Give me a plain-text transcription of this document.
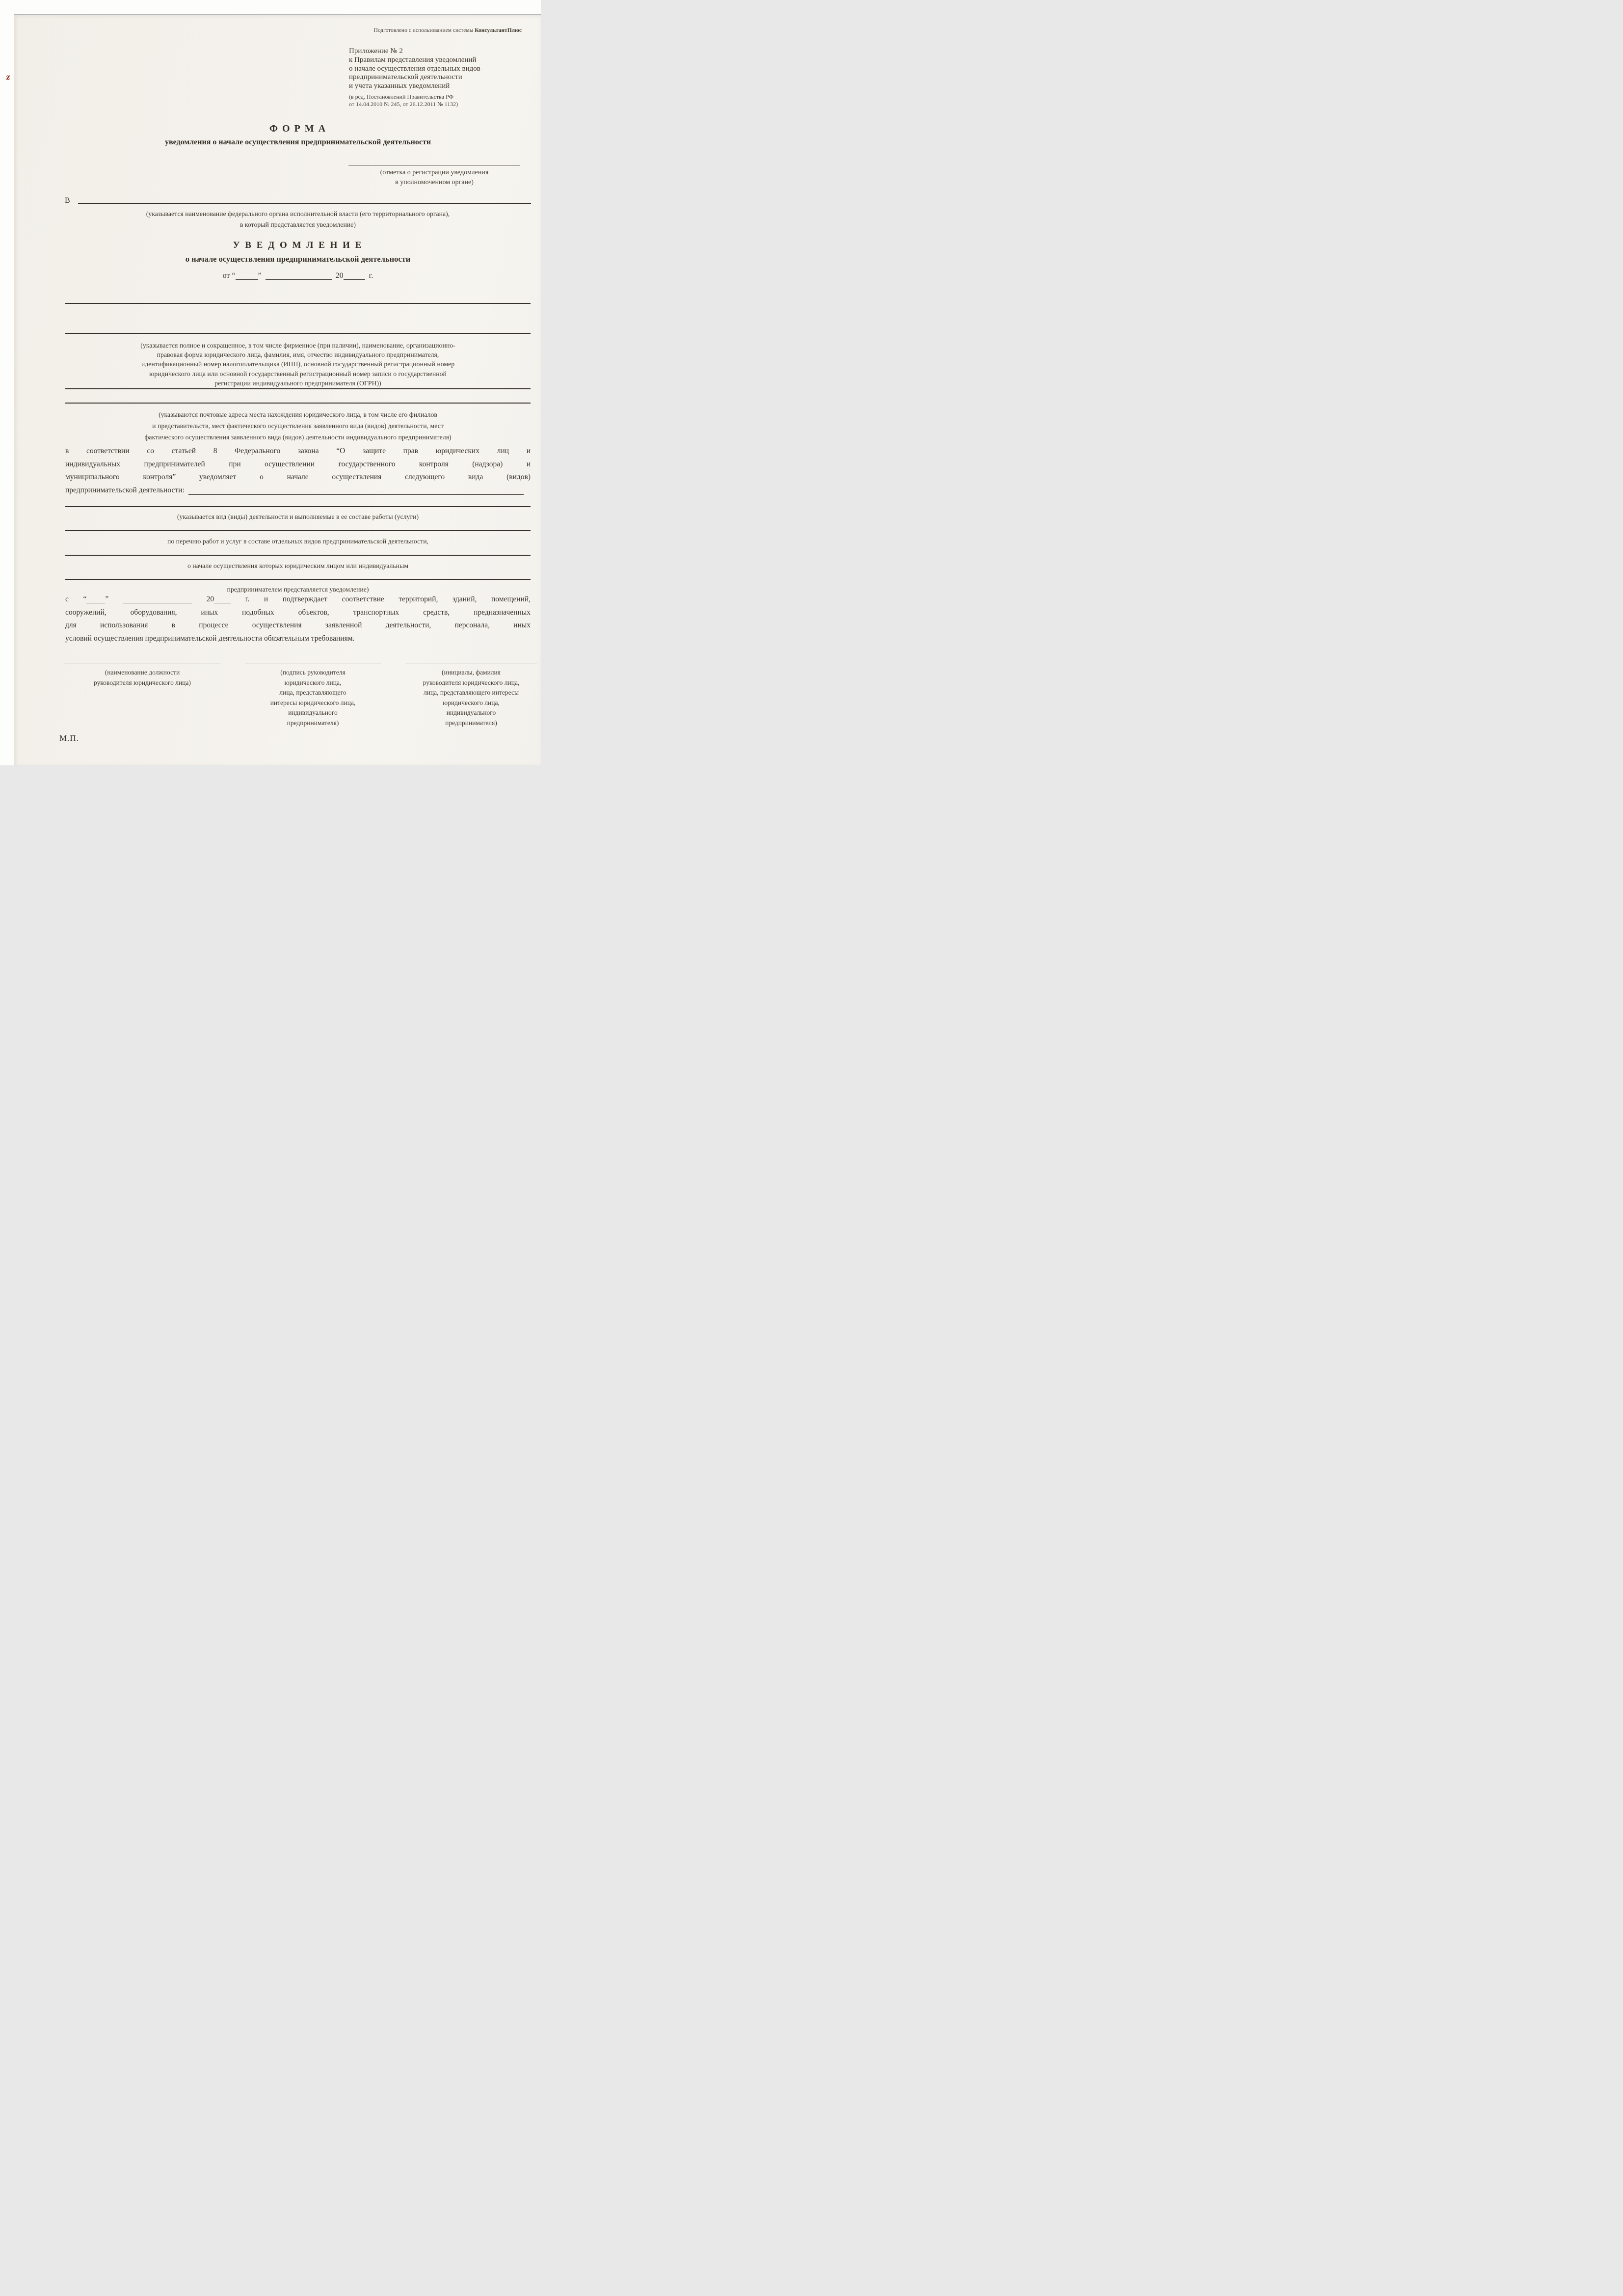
z
Подготовлено с использованием системы КонсультантПлюс
Приложение № 2
к Правилам представления уведомлений
о начале осуществления отдельных видов
предпринимательской деятельности
и учета указанных уведомлений
(в ред. Постановлений Правительства РФ
от 14.04.2010 № 245, от 26.12.2011 № 1132)
Ф О Р М А
уведомления о начале осуществления предпринимательской деятельности
(отметка о регистрации уведомления
в уполномоченном органе)
В
(указывается наименование федерального органа исполнительной власти (его территориального органа),
в который представляется уведомление)
У В Е Д О М Л Е Н И Е
о начале осуществления предпринимательской деятельности
от “	”	20	г.
(указывается полное и сокращенное, в том числе фирменное (при наличии), наименование, организационно-
правовая форма юридического лица, фамилия, имя, отчество индивидуального предпринимателя,
идентификационный номер налогоплательщика (ИНН), основной государственный регистрационный номер
юридического лица или основной государственный регистрационный номер записи о государственной
регистрации индивидуального предпринимателя (ОГРН))
(указываются почтовые адреса места нахождения юридического лица, в том числе его филиалов
и представительств, мест фактического осуществления заявленного вида (видов) деятельности, мест
фактического осуществления заявленного вида (видов) деятельности индивидуального предпринимателя)
в соответствии со статьей 8 Федерального закона “О защите прав юридических лиц и
индивидуальных предпринимателей при осуществлении государственного контроля (надзора) и
муниципального контроля” уведомляет о начале осуществления следующего вида (видов)
предпринимательской деятельности:
(указывается вид (виды) деятельности и выполняемые в ее составе работы (услуги)
по перечню работ и услуг в составе отдельных видов предпринимательской деятельности,
о начале осуществления которых юридическим лицом или индивидуальным
предпринимателем представляется уведомление)
с “ ”	20	г. и подтверждает соответствие территорий, зданий, помещений,
сооружений, оборудования, иных подобных объектов, транспортных средств, предназначенных
для использования в процессе осуществления заявленной деятельности, персонала, иных
условий осуществления предпринимательской деятельности обязательным требованиям.
(наименование должности
руководителя юридического лица)
(подпись руководителя
юридического лица,
лица, представляющего
интересы юридического лица,
индивидуального
предпринимателя)
(инициалы, фамилия
руководителя юридического лица,
лица, представляющего интересы
юридического лица,
индивидуального
предпринимателя)
М.П.
